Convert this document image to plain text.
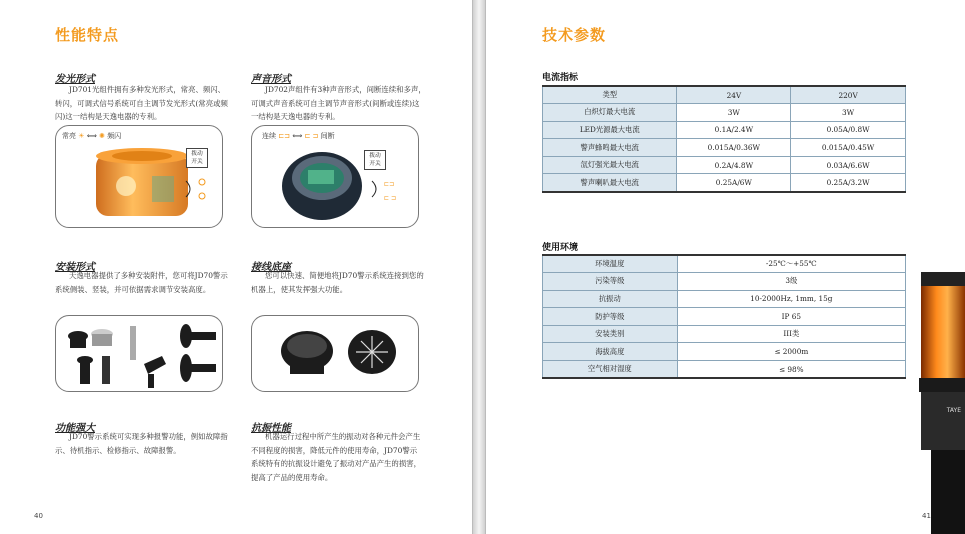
性能特点
发光形式
JD701光组件拥有多种发光形式，常亮、频闪、转闪，可调式信号系统可自主调节发光形式(常亮或频闪)这一结构是天逸电器的专利。
常亮 ☀ ⟺ ✺ 频闪
拨动
开关
声音形式
JD702声组件有3种声音形式，间断连续和多声，可调式声音系统可自主调节声音形式(间断或连续)这一结构是天逸电器的专利。
连续 ⊏⊐ ⟺ ⊏ ⊐ 间断
⊏⊐
⊏ ⊐
拨动
开关
安装形式
天逸电器提供了多种安装附件，您可将JD70警示系统侧装、竖装，并可依据需求调节安装高度。
接线底座
您可以快速、简便地将JD70警示系统连接到您的机器上，使其发挥强大功能。
功能强大
JD70警示系统可实现多种报警功能，例如故障指示、待机指示、检修指示、故障报警。
抗振性能
机器运行过程中所产生的振动对各种元件会产生不同程度的损害，降低元件的使用寿命，JD70警示系统特有的抗振设计避免了振动对产品产生的损害，提高了产品的使用寿命。
40
技术参数
电流指标
类型	24V	220V
白炽灯最大电流	3W	3W
LED光源最大电流	0.1A/2.4W	0.05A/0.8W
警声蜂鸣最大电流	0.015A/0.36W	0.015A/0.45W
氙灯强光最大电流	0.2A/4.8W	0.03A/6.6W
警声喇叭最大电流	0.25A/6W	0.25A/3.2W
使用环境
环境温度	-25℃～+55℃
污染等级	3级
抗振动	10-2000Hz, 1mm, 15g
防护等级	IP 65
安装类别	III类
海拔高度	≤ 2000m
空气相对湿度	≤ 98%
TAYE
41
